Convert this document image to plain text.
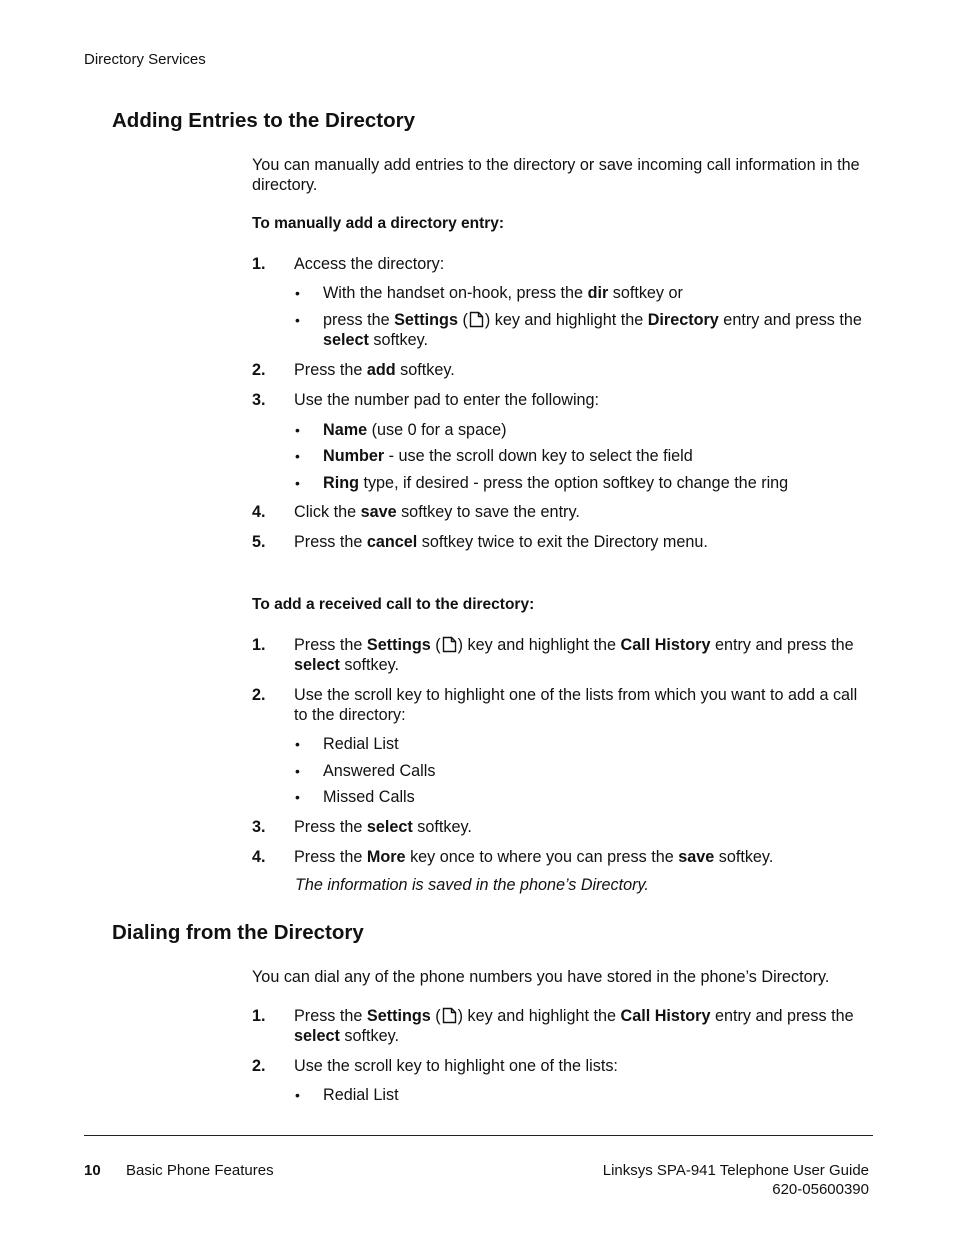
Directory Services
Adding Entries to the Directory
You can manually add entries to the directory or save incoming call information in the directory.
To manually add a directory entry:
1. Access the directory:
• With the handset on-hook, press the dir softkey or
• press the Settings ( ) key and highlight the Directory entry and press the select softkey.
2. Press the add softkey.
3. Use the number pad to enter the following:
• Name (use 0 for a space)
• Number - use the scroll down key to select the field
• Ring type, if desired - press the option softkey to change the ring
4. Click the save softkey to save the entry.
5. Press the cancel softkey twice to exit the Directory menu.
To add a received call to the directory:
1. Press the Settings ( ) key and highlight the Call History entry and press the select softkey.
2. Use the scroll key to highlight one of the lists from which you want to add a call to the directory:
• Redial List
• Answered Calls
• Missed Calls
3. Press the select softkey.
4. Press the More key once to where you can press the save softkey.
The information is saved in the phone’s Directory.
Dialing from the Directory
You can dial any of the phone numbers you have stored in the phone’s Directory.
1. Press the Settings ( ) key and highlight the Call History entry and press the select softkey.
2. Use the scroll key to highlight one of the lists:
• Redial List
10 Basic Phone Features	Linksys SPA-941 Telephone User Guide
620-05600390
